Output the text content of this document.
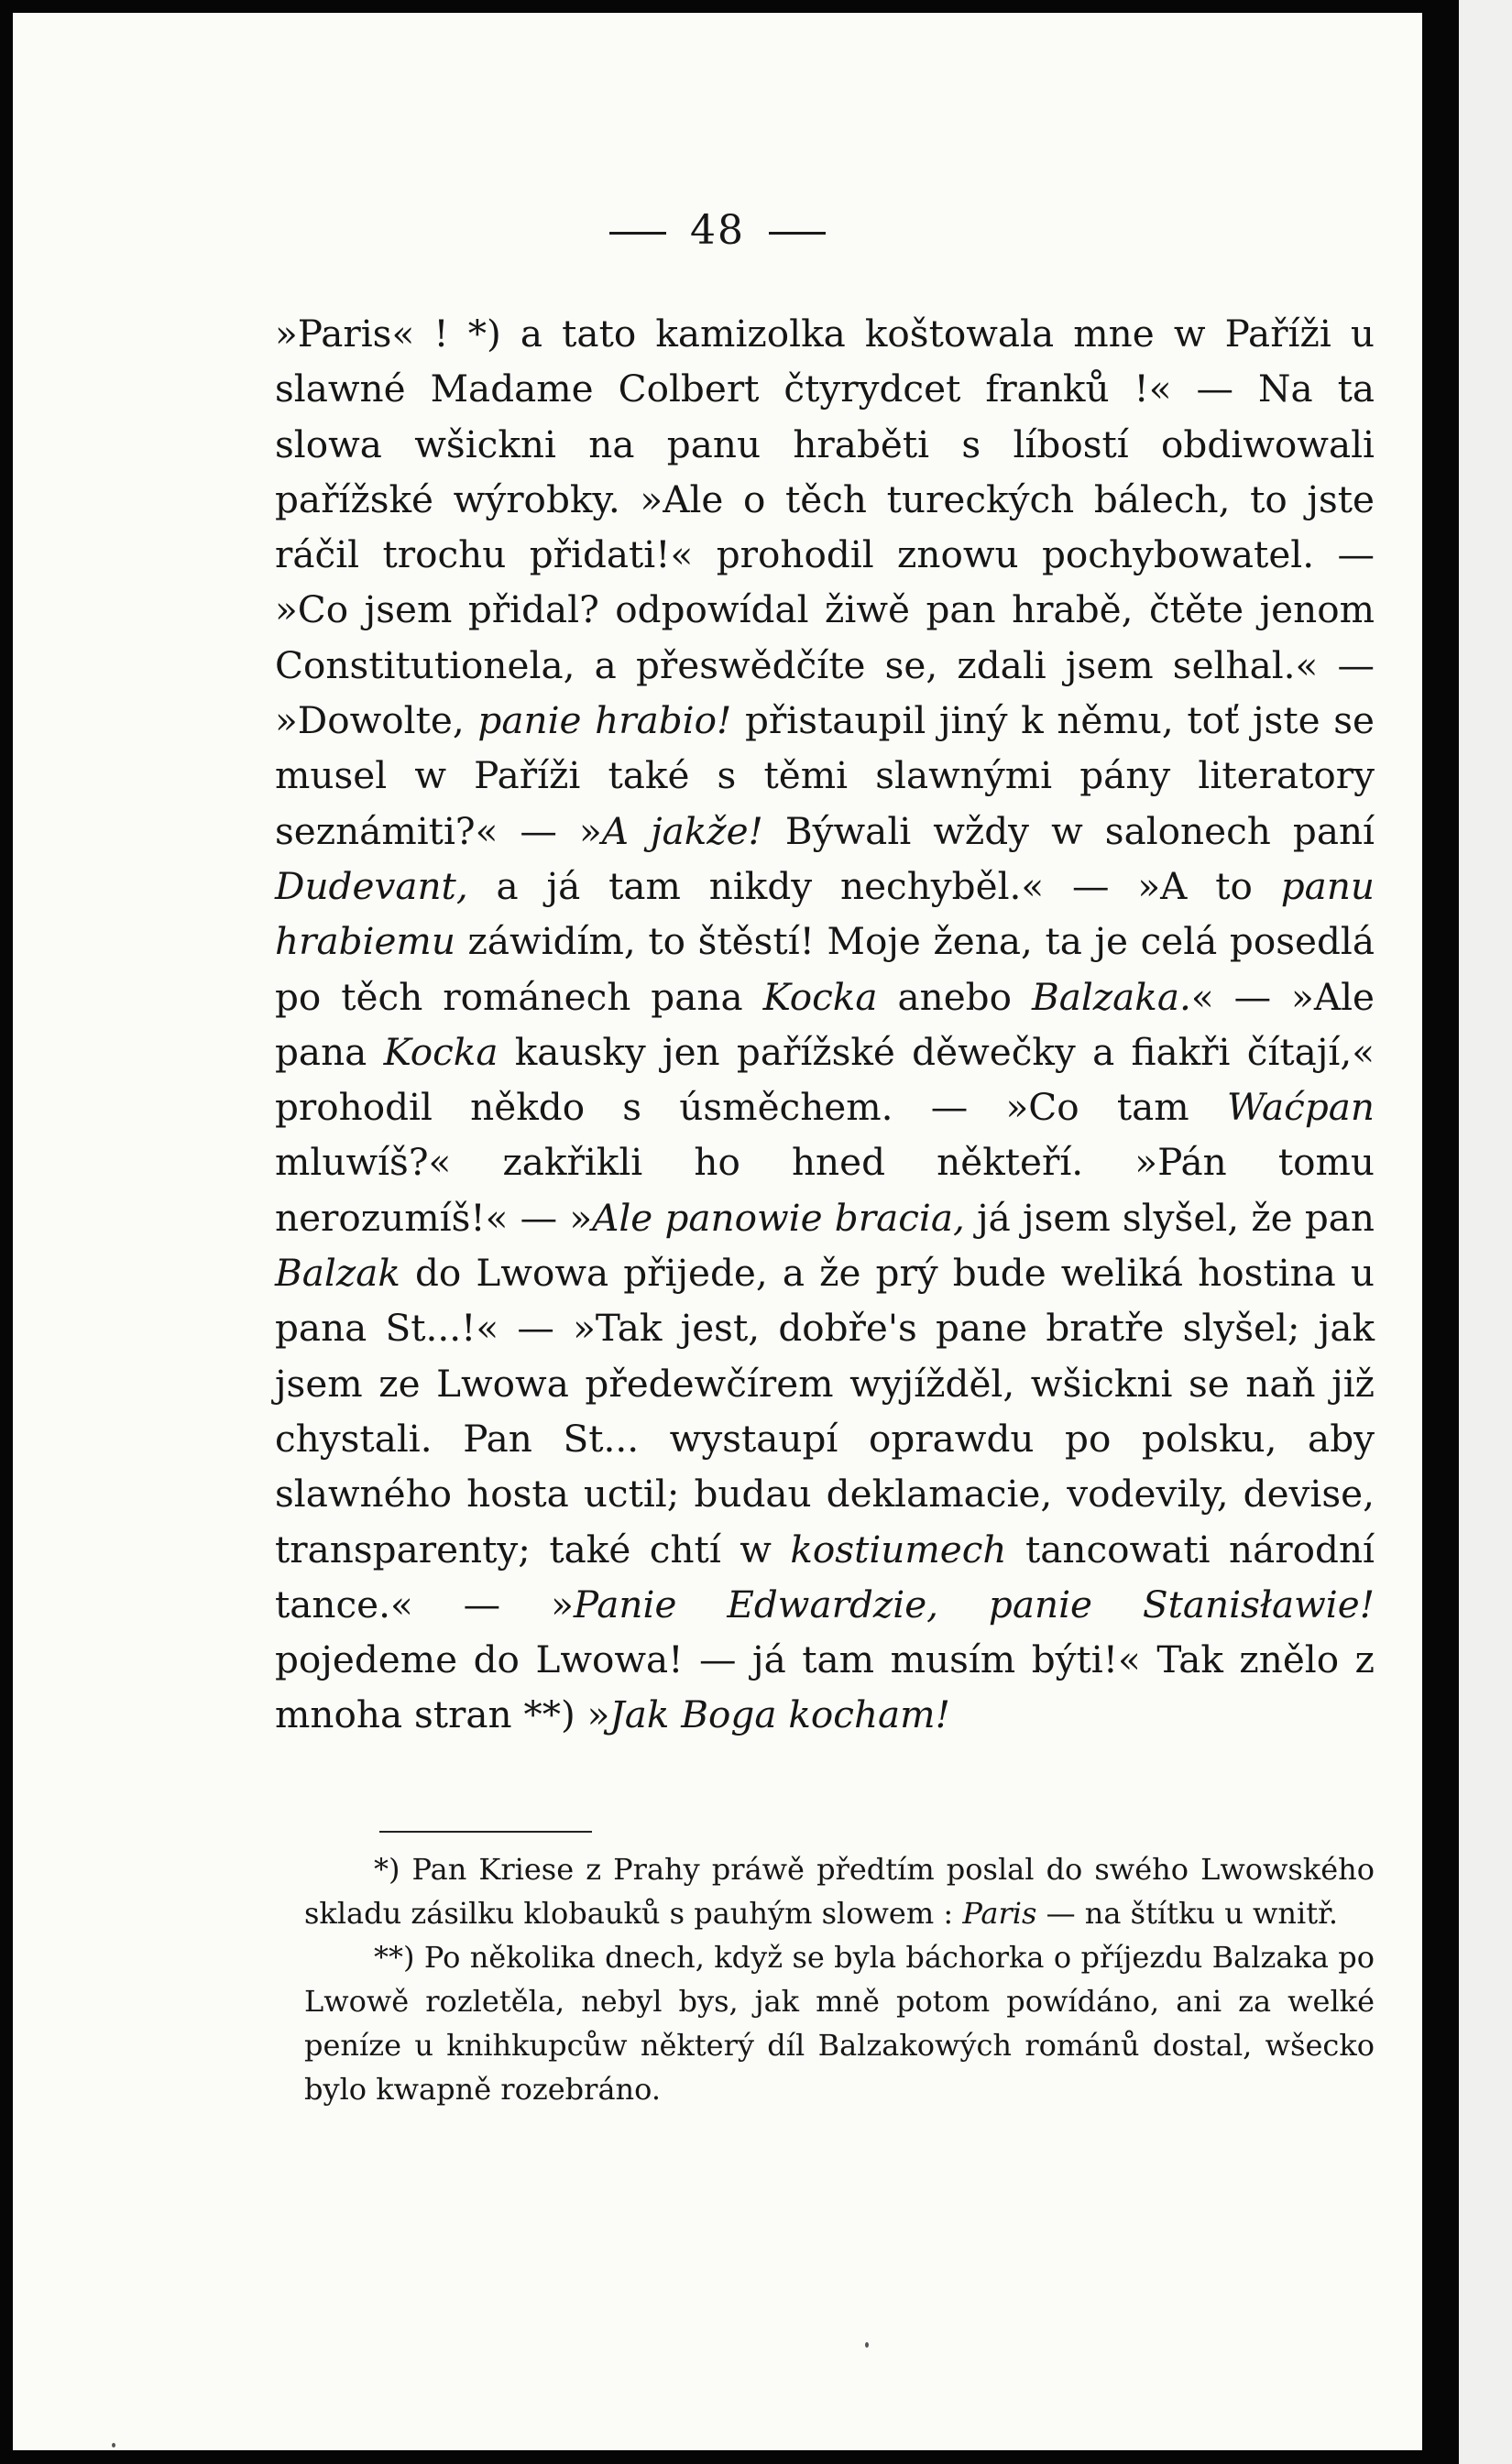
48

»Paris« ! *) a tato kamizolka koštowala mne w Paříži u slawné Madame Colbert čtyrydcet franků !« — Na ta slowa wšickni na panu hraběti s líbostí obdiwowali pařížské wýrobky. »Ale o těch tureckých bálech, to jste ráčil trochu přidati!« prohodil znowu pochybowatel. — »Co jsem přidal? odpowídal žiwě pan hrabě, čtěte jenom Constitutionela, a přeswědčíte se, zdali jsem selhal.« — »Dowolte, panie hrabio! přistaupil jiný k němu, toť jste se musel w Paříži také s těmi slawnými pány literatory seznámiti?« — »A jakže! Býwali wždy w salonech paní Dudevant, a já tam nikdy nechyběl.« — »A to panu hrabiemu záwidím, to štěstí! Moje žena, ta je celá posedlá po těch románech pana Kocka anebo Balzaka.« — »Ale pana Kocka kausky jen pařížské děwečky a fiakři čítají,« prohodil někdo s úsměchem. — »Co tam Waćpan mluwíš?« zakřikli ho hned někteří. »Pán tomu nerozumíš!« — »Ale panowie bracia, já jsem slyšel, že pan Balzak do Lwowa přijede, a že prý bude weliká hostina u pana St...!« — »Tak jest, dobře's pane bratře slyšel; jak jsem ze Lwowa předewčírem wyjížděl, wšickni se naň již chystali. Pan St... wystaupí oprawdu po polsku, aby slawného hosta uctil; budau deklamacie, vodevily, devise, transparenty; také chtí w kostiumech tancowati národní tance.« — »Panie Edwardzie, panie Stanisławie! pojedeme do Lwowa! — já tam musím býti!« Tak znělo z mnoha stran **) »Jak Boga kocham!

*) Pan Kriese z Prahy práwě předtím poslal do swého Lwowského skladu zásilku klobauků s pauhým slowem : Paris — na štítku u wnitř.

**) Po několika dnech, když se byla báchorka o příjezdu Balzaka po Lwowě rozletěla, nebyl bys, jak mně potom powídáno, ani za welké peníze u knihkupcůw některý díl Balzakowých románů dostal, wšecko bylo kwapně rozebráno.
